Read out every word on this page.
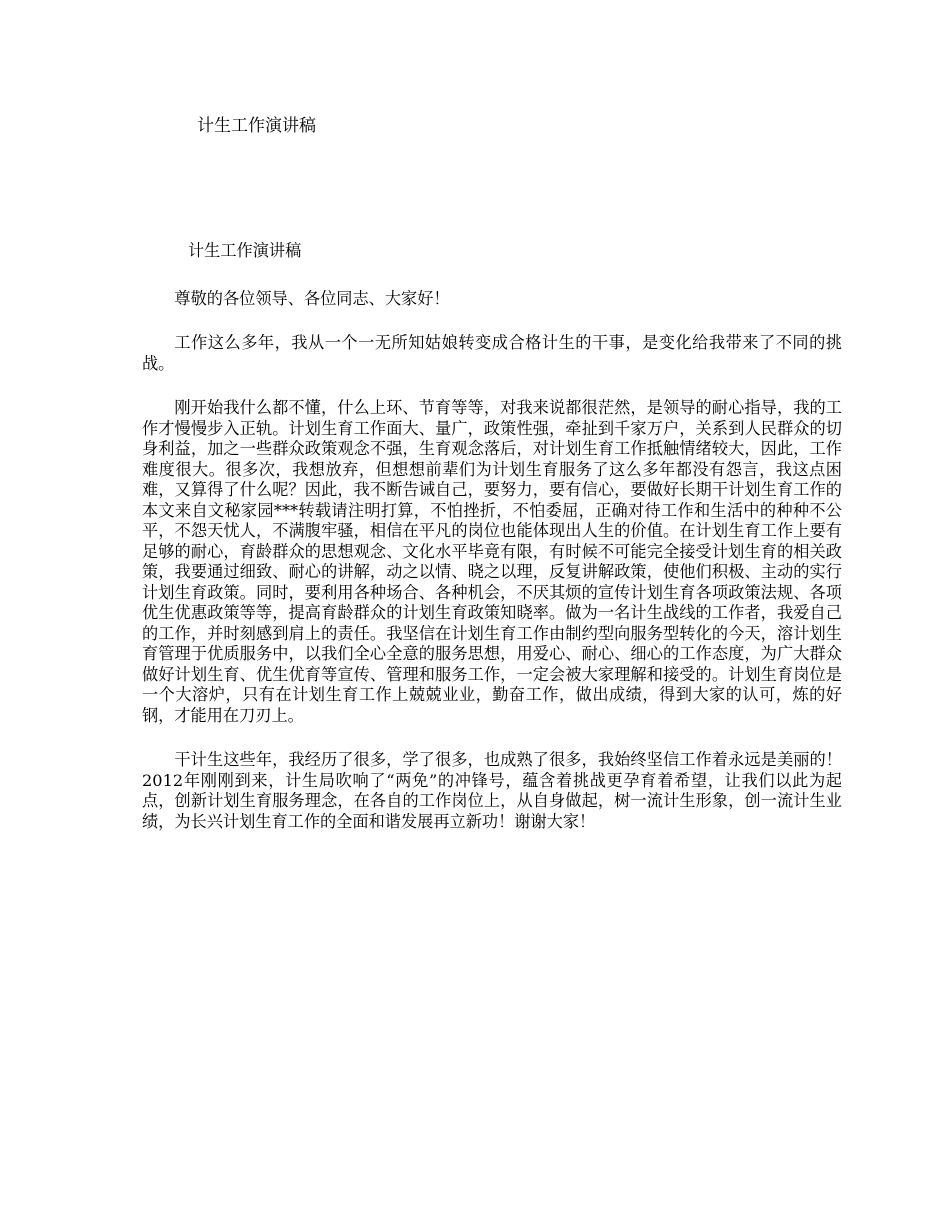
计生工作演讲稿

计生工作演讲稿

尊敬的各位领导、各位同志、大家好！

工作这么多年，我从一个一无所知姑娘转变成合格计生的干事，是变化给我带来了不同的挑战。

刚开始我什么都不懂，什么上环、节育等等，对我来说都很茫然，是领导的耐心指导，我的工作才慢慢步入正轨。计划生育工作面大、量广，政策性强，牵扯到千家万户，关系到人民群众的切身利益，加之一些群众政策观念不强，生育观念落后，对计划生育工作抵触情绪较大，因此，工作难度很大。很多次，我想放弃，但想想前辈们为计划生育服务了这么多年都没有怨言，我这点困难，又算得了什么呢？因此，我不断告诫自己，要努力，要有信心，要做好长期干计划生育工作的本文来自文秘家园***转载请注明打算，不怕挫折，不怕委屈，正确对待工作和生活中的种种不公平，不怨天忧人，不满腹牢骚，相信在平凡的岗位也能体现出人生的价值。在计划生育工作上要有足够的耐心，育龄群众的思想观念、文化水平毕竟有限，有时候不可能完全接受计划生育的相关政策，我要通过细致、耐心的讲解，动之以情、晓之以理，反复讲解政策，使他们积极、主动的实行计划生育政策。同时，要利用各种场合、各种机会，不厌其烦的宣传计划生育各项政策法规、各项优生优惠政策等等，提高育龄群众的计划生育政策知晓率。做为一名计生战线的工作者，我爱自己的工作，并时刻感到肩上的责任。我坚信在计划生育工作由制约型向服务型转化的今天，溶计划生育管理于优质服务中，以我们全心全意的服务思想，用爱心、耐心、细心的工作态度，为广大群众做好计划生育、优生优育等宣传、管理和服务工作，一定会被大家理解和接受的。计划生育岗位是一个大溶炉，只有在计划生育工作上兢兢业业，勤奋工作，做出成绩，得到大家的认可，炼的好钢，才能用在刀刃上。

干计生这些年，我经历了很多，学了很多，也成熟了很多，我始终坚信工作着永远是美丽的！2012年刚刚到来，计生局吹响了“两免”的冲锋号，蕴含着挑战更孕育着希望，让我们以此为起点，创新计划生育服务理念，在各自的工作岗位上，从自身做起，树一流计生形象，创一流计生业绩，为长兴计划生育工作的全面和谐发展再立新功！谢谢大家！
